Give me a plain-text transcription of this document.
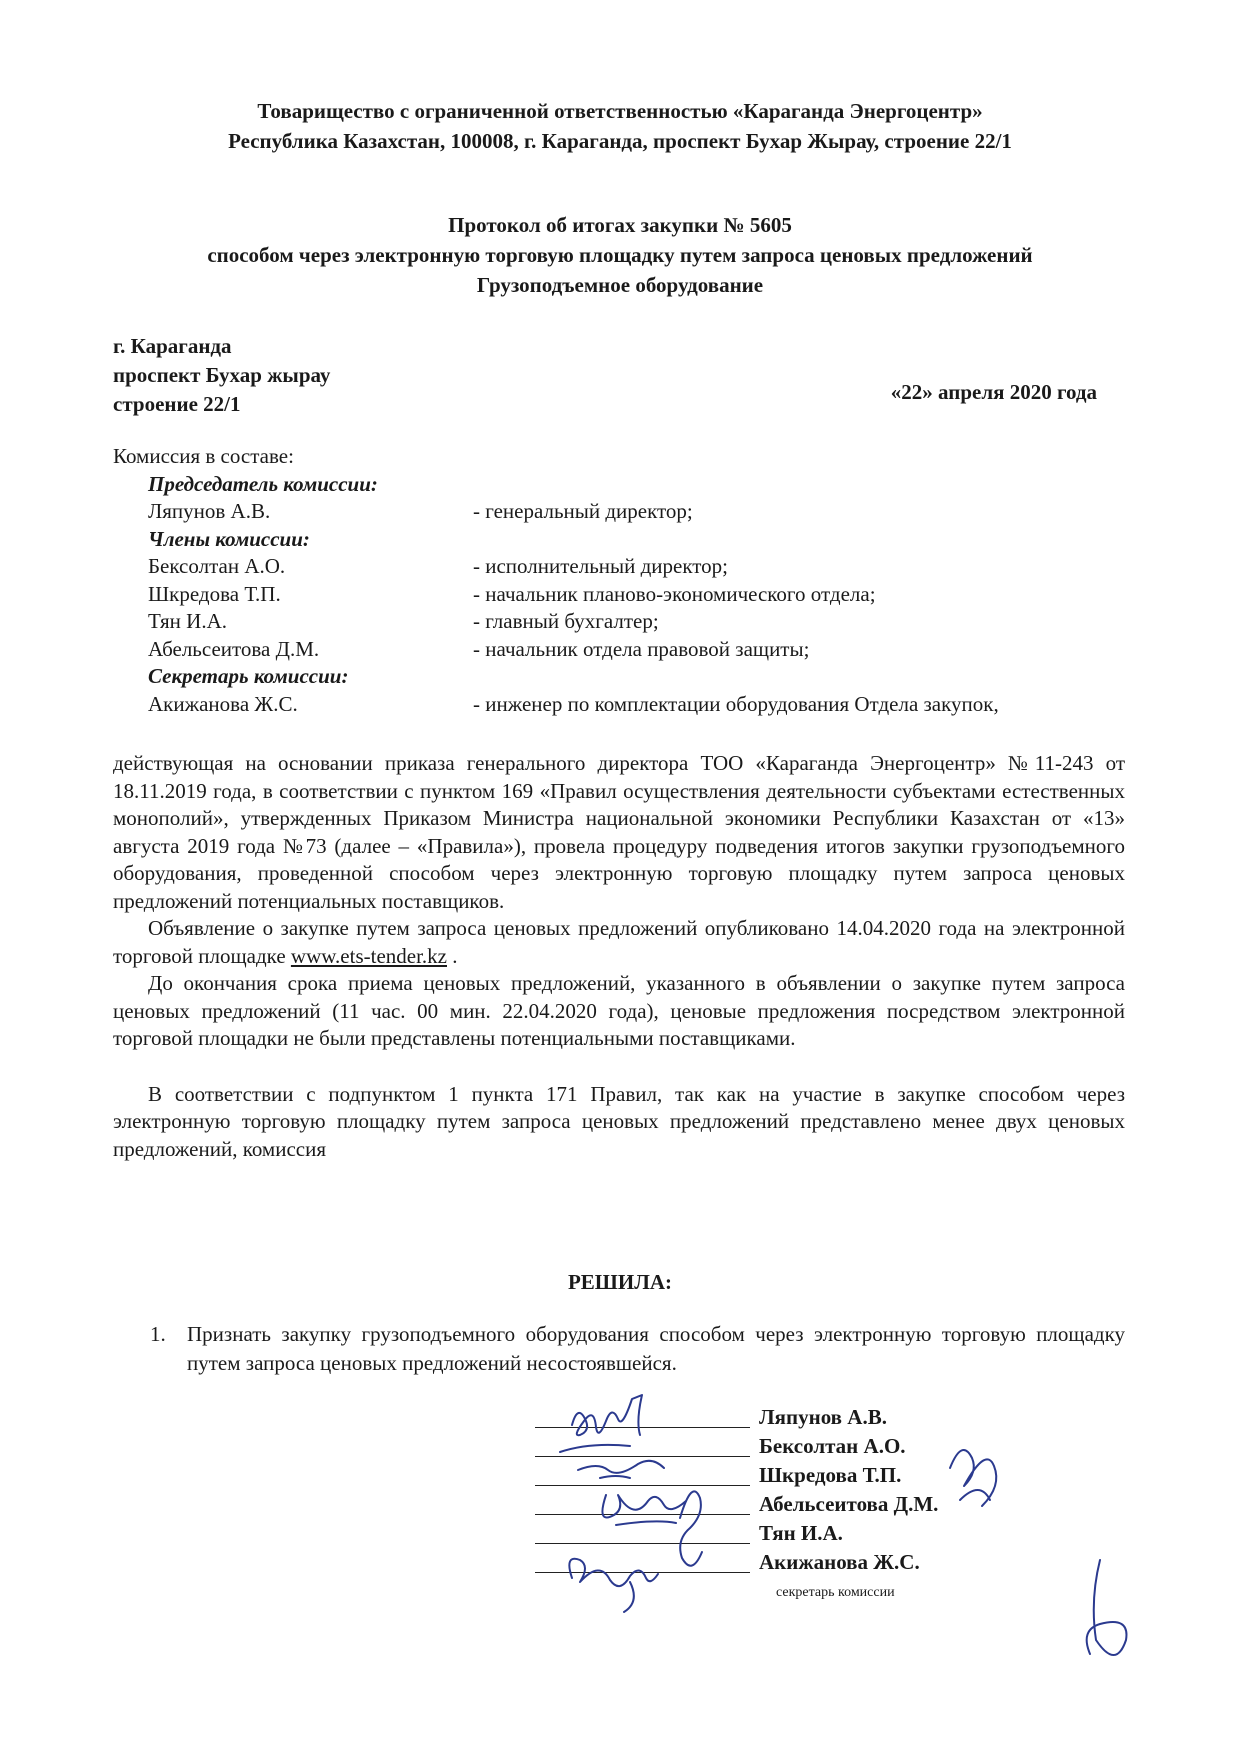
Товарищество с ограниченной ответственностью «Караганда Энергоцентр»
Республика Казахстан, 100008, г. Караганда, проспект Бухар Жырау, строение 22/1
Протокол об итогах закупки № 5605
способом через электронную торговую площадку путем запроса ценовых предложений
Грузоподъемное оборудование
г. Караганда
проспект Бухар жырау
строение 22/1	«22» апреля 2020 года
Комиссия в составе:
Председатель комиссии:
Ляпунов А.В.	- генеральный директор;
Члены комиссии:
Бексолтан А.О.	- исполнительный директор;
Шкредова Т.П.	- начальник планово-экономического отдела;
Тян И.А.	- главный бухгалтер;
Абельсеитова Д.М.	- начальник отдела правовой защиты;
Секретарь комиссии:
Акижанова Ж.С.	- инженер по комплектации оборудования Отдела закупок,

действующая на основании приказа генерального директора ТОО «Караганда Энергоцентр» №11-243 от 18.11.2019 года, в соответствии с пунктом 169 «Правил осуществления деятельности субъектами естественных монополий», утвержденных Приказом Министра национальной экономики Республики Казахстан от «13» августа 2019 года №73 (далее – «Правила»), провела процедуру подведения итогов закупки грузоподъемного оборудования, проведенной способом через электронную торговую площадку путем запроса ценовых предложений потенциальных поставщиков.

Объявление о закупке путем запроса ценовых предложений опубликовано 14.04.2020 года на электронной торговой площадке www.ets-tender.kz .

До окончания срока приема ценовых предложений, указанного в объявлении о закупке путем запроса ценовых предложений (11 час. 00 мин. 22.04.2020 года), ценовые предложения посредством электронной торговой площадки не были представлены потенциальными поставщиками.

В соответствии с подпунктом 1 пункта 171 Правил, так как на участие в закупке способом через электронную торговую площадку путем запроса ценовых предложений представлено менее двух ценовых предложений, комиссия

РЕШИЛА:
1. Признать закупку грузоподъемного оборудования способом через электронную торговую площадку путем запроса ценовых предложений несостоявшейся.
Ляпунов А.В.
Бексолтан А.О.
Шкредова Т.П.
Абельсеитова Д.М.
Тян И.А.
Акижанова Ж.С.
секретарь комиссии
